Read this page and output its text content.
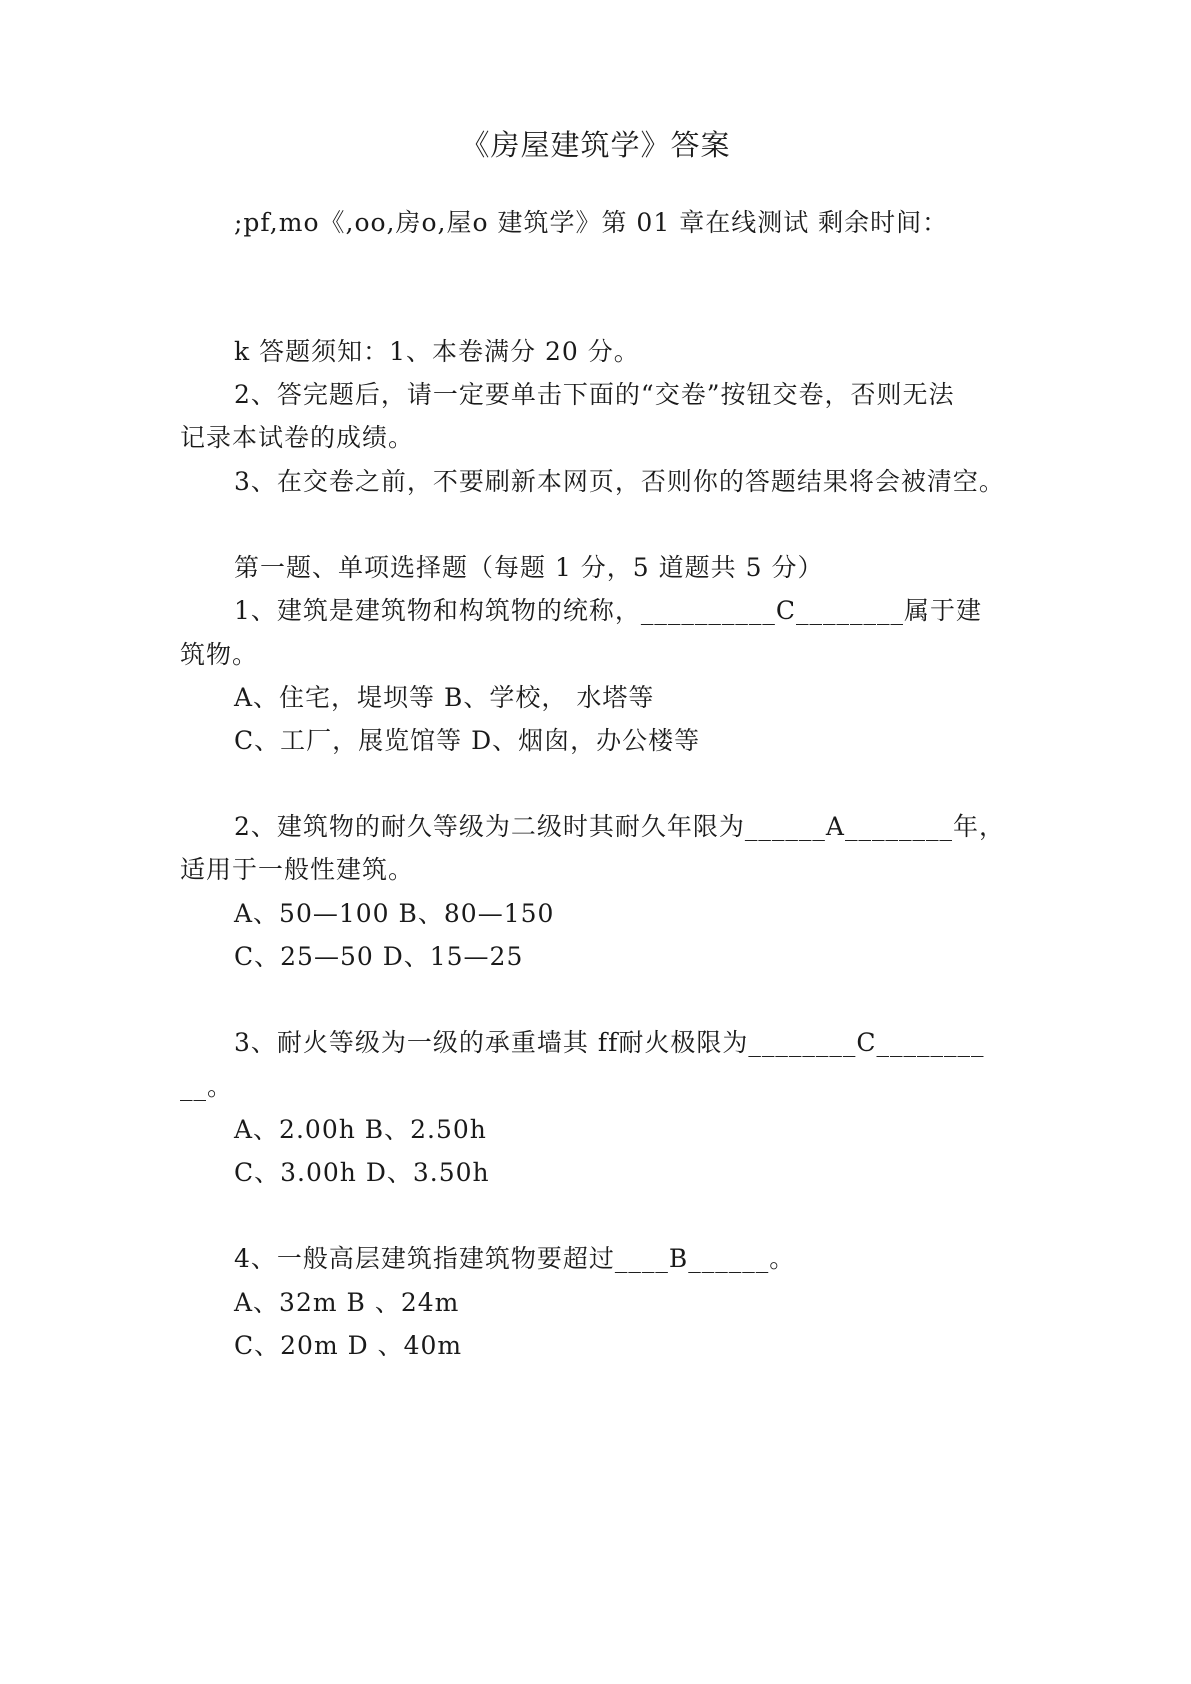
《房屋建筑学》答案
;pf,mo《,oo,房o,屋o 建筑学》第 01 章在线测试 剩余时间：
k 答题须知：1、本卷满分 20 分。
2、答完题后，请一定要单击下面的“交卷”按钮交卷，否则无法
记录本试卷的成绩。
3、在交卷之前，不要刷新本网页，否则你的答题结果将会被清空。
第一题、单项选择题（每题 1 分，5 道题共 5 分）
1、建筑是建筑物和构筑物的统称，__________C________属于建
筑物。
A、住宅，堤坝等 B、学校， 水塔等
C、工厂，展览馆等 D、烟囱，办公楼等
2、建筑物的耐久等级为二级时其耐久年限为______A________年，
适用于一般性建筑。
A、50—100 B、80—150
C、25—50 D、15—25
3、耐火等级为一级的承重墙其 ff耐火极限为________C________
__。
A、2.00h B、2.50h
C、3.00h D、3.50h
4、一般高层建筑指建筑物要超过____B______。
A、32m B 、24m
C、20m D 、40m
